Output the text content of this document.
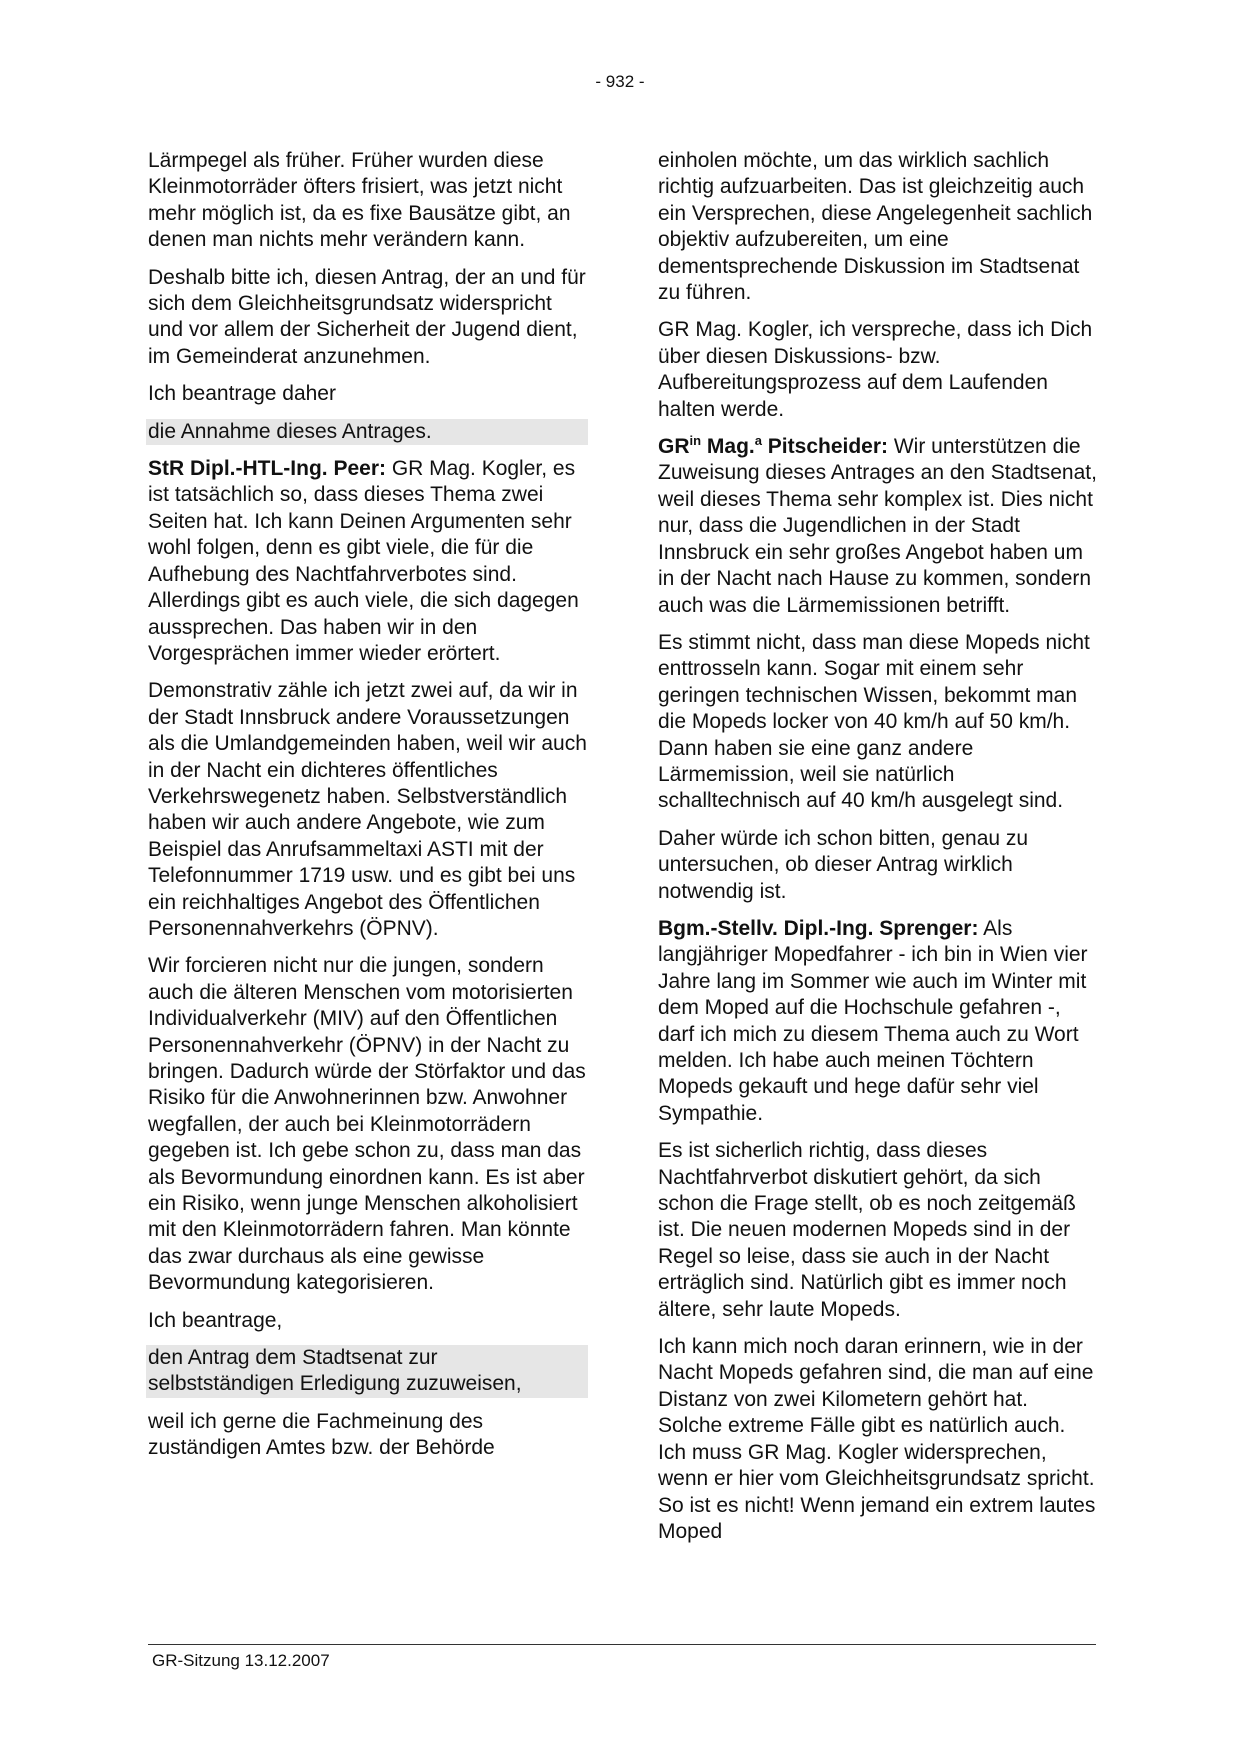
- 932 -

Lärmpegel als früher. Früher wurden diese Kleinmotorräder öfters frisiert, was jetzt nicht mehr möglich ist, da es fixe Bausätze gibt, an denen man nichts mehr verändern kann.

Deshalb bitte ich, diesen Antrag, der an und für sich dem Gleichheitsgrundsatz widerspricht und vor allem der Sicherheit der Jugend dient, im Gemeinderat anzunehmen.

Ich beantrage daher

die Annahme dieses Antrages.

StR Dipl.-HTL-Ing. Peer: GR Mag. Kogler, es ist tatsächlich so, dass dieses Thema zwei Seiten hat. Ich kann Deinen Argumenten sehr wohl folgen, denn es gibt viele, die für die Aufhebung des Nachtfahrverbotes sind. Allerdings gibt es auch viele, die sich dagegen aussprechen. Das haben wir in den Vorgesprächen immer wieder erörtert.

Demonstrativ zähle ich jetzt zwei auf, da wir in der Stadt Innsbruck andere Voraussetzungen als die Umlandgemeinden haben, weil wir auch in der Nacht ein dichteres öffentliches Verkehrswegenetz haben. Selbstverständlich haben wir auch andere Angebote, wie zum Beispiel das Anrufsammeltaxi ASTI mit der Telefonnummer 1719 usw. und es gibt bei uns ein reichhaltiges Angebot des Öffentlichen Personennahverkehrs (ÖPNV).

Wir forcieren nicht nur die jungen, sondern auch die älteren Menschen vom motorisierten Individualverkehr (MIV) auf den Öffentlichen Personennahverkehr (ÖPNV) in der Nacht zu bringen. Dadurch würde der Störfaktor und das Risiko für die Anwohnerinnen bzw. Anwohner wegfallen, der auch bei Kleinmotorrädern gegeben ist. Ich gebe schon zu, dass man das als Bevormundung einordnen kann. Es ist aber ein Risiko, wenn junge Menschen alkoholisiert mit den Kleinmotorrädern fahren. Man könnte das zwar durchaus als eine gewisse Bevormundung kategorisieren.

Ich beantrage,

den Antrag dem Stadtsenat zur selbstständigen Erledigung zuzuweisen,

weil ich gerne die Fachmeinung des zuständigen Amtes bzw. der Behörde

einholen möchte, um das wirklich sachlich richtig aufzuarbeiten. Das ist gleichzeitig auch ein Versprechen, diese Angelegenheit sachlich objektiv aufzubereiten, um eine dementsprechende Diskussion im Stadtsenat zu führen.

GR Mag. Kogler, ich verspreche, dass ich Dich über diesen Diskussions- bzw. Aufbereitungsprozess auf dem Laufenden halten werde.

$GR^{in}$ Mag.$^a$ Pitscheider: Wir unterstützen die Zuweisung dieses Antrages an den Stadtsenat, weil dieses Thema sehr komplex ist. Dies nicht nur, dass die Jugendlichen in der Stadt Innsbruck ein sehr großes Angebot haben um in der Nacht nach Hause zu kommen, sondern auch was die Lärmemissionen betrifft.

Es stimmt nicht, dass man diese Mopeds nicht enttrosseln kann. Sogar mit einem sehr geringen technischen Wissen, bekommt man die Mopeds locker von 40 km/h auf 50 km/h. Dann haben sie eine ganz andere Lärmemission, weil sie natürlich schalltechnisch auf 40 km/h ausgelegt sind.

Daher würde ich schon bitten, genau zu untersuchen, ob dieser Antrag wirklich notwendig ist.

Bgm.-Stellv. Dipl.-Ing. Sprenger: Als langjähriger Mopedfahrer - ich bin in Wien vier Jahre lang im Sommer wie auch im Winter mit dem Moped auf die Hochschule gefahren -, darf ich mich zu diesem Thema auch zu Wort melden. Ich habe auch meinen Töchtern Mopeds gekauft und hege dafür sehr viel Sympathie.

Es ist sicherlich richtig, dass dieses Nachtfahrverbot diskutiert gehört, da sich schon die Frage stellt, ob es noch zeitgemäß ist. Die neuen modernen Mopeds sind in der Regel so leise, dass sie auch in der Nacht erträglich sind. Natürlich gibt es immer noch ältere, sehr laute Mopeds.

Ich kann mich noch daran erinnern, wie in der Nacht Mopeds gefahren sind, die man auf eine Distanz von zwei Kilometern gehört hat. Solche extreme Fälle gibt es natürlich auch. Ich muss GR Mag. Kogler widersprechen, wenn er hier vom Gleichheitsgrundsatz spricht. So ist es nicht! Wenn jemand ein extrem lautes Moped

GR-Sitzung 13.12.2007
